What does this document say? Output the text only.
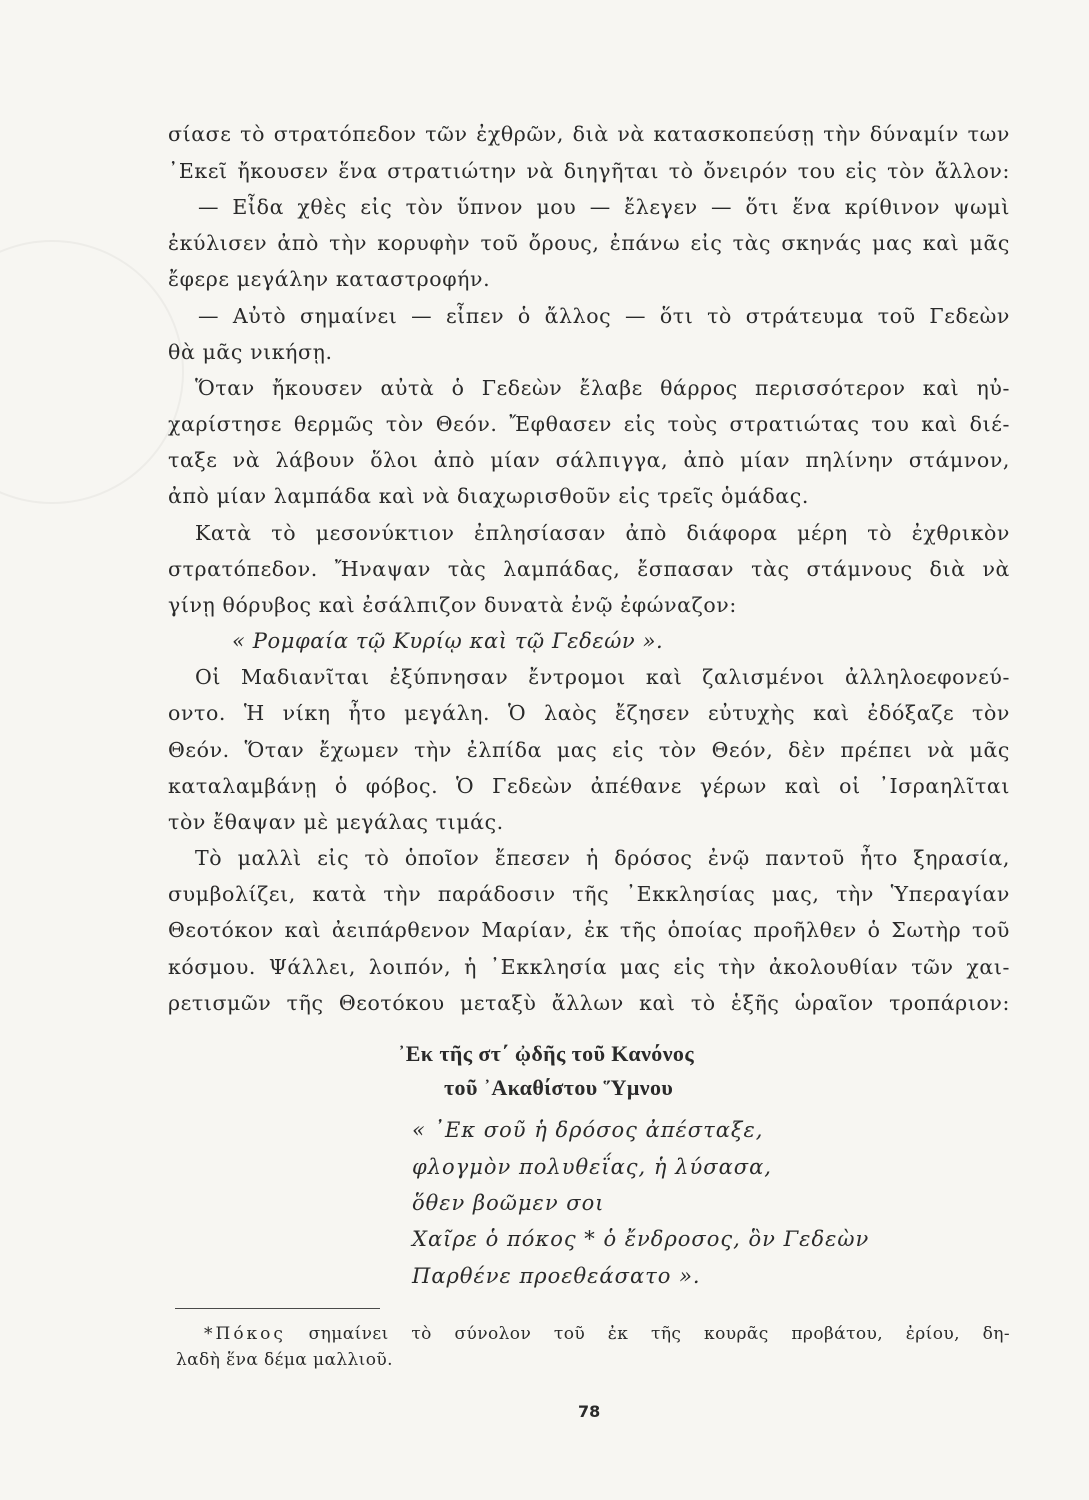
σίασε τὸ στρατόπεδον τῶν ἐχθρῶν, διὰ νὰ κατασκοπεύσῃ τὴν δύναμίν των
᾿Εκεῖ ἤκουσεν ἕνα στρατιώτην νὰ διηγῆται τὸ ὄνειρόν του εἰς τὸν ἄλλον:
— Εἶδα χθὲς εἰς τὸν ὕπνον μου — ἔλεγεν — ὅτι ἕνα κρίθινον ψωμὶ
ἐκύλισεν ἀπὸ τὴν κορυφὴν τοῦ ὄρους, ἐπάνω εἰς τὰς σκηνάς μας καὶ μᾶς
ἔφερε μεγάλην καταστροφήν.
— Αὐτὸ σημαίνει — εἶπεν ὁ ἄλλος — ὅτι τὸ στράτευμα τοῦ Γεδεὼν
θὰ μᾶς νικήσῃ.
Ὅταν ἤκουσεν αὐτὰ ὁ Γεδεὼν ἔλαβε θάρρος περισσότερον καὶ ηὐ-
χαρίστησε θερμῶς τὸν Θεόν. Ἔφθασεν εἰς τοὺς στρατιώτας του καὶ διέ-
ταξε νὰ λάβουν ὅλοι ἀπὸ μίαν σάλπιγγα, ἀπὸ μίαν πηλίνην στάμνον,
ἀπὸ μίαν λαμπάδα καὶ νὰ διαχωρισθοῦν εἰς τρεῖς ὁμάδας.
Κατὰ τὸ μεσονύκτιον ἐπλησίασαν ἀπὸ διάφορα μέρη τὸ ἐχθρικὸν
στρατόπεδον. Ἤναψαν τὰς λαμπάδας, ἔσπασαν τὰς στάμνους διὰ νὰ
γίνῃ θόρυβος καὶ ἐσάλπιζον δυνατὰ ἐνῷ ἐφώναζον:
« Ρομφαία τῷ Κυρίῳ καὶ τῷ Γεδεών ».
Οἱ Μαδιανῖται ἐξύπνησαν ἔντρομοι καὶ ζαλισμένοι ἀλληλοεφονεύ-
οντο. Ἡ νίκη ἦτο μεγάλη. Ὁ λαὸς ἔζησεν εὐτυχὴς καὶ ἐδόξαζε τὸν
Θεόν. Ὅταν ἔχωμεν τὴν ἐλπίδα μας εἰς τὸν Θεόν, δὲν πρέπει νὰ μᾶς
καταλαμβάνῃ ὁ φόβος. Ὁ Γεδεὼν ἀπέθανε γέρων καὶ οἱ ᾿Ισραηλῖται
τὸν ἔθαψαν μὲ μεγάλας τιμάς.
Τὸ μαλλὶ εἰς τὸ ὁποῖον ἔπεσεν ἡ δρόσος ἐνῷ παντοῦ ἦτο ξηρασία,
συμβολίζει, κατὰ τὴν παράδοσιν τῆς ᾿Εκκλησίας μας, τὴν Ὑπεραγίαν
Θεοτόκον καὶ ἀειπάρθενον Μαρίαν, ἐκ τῆς ὁποίας προῆλθεν ὁ Σωτὴρ τοῦ
κόσμου. Ψάλλει, λοιπόν, ἡ ᾿Εκκλησία μας εἰς τὴν ἀκολουθίαν τῶν χαι-
ρετισμῶν τῆς Θεοτόκου μεταξὺ ἄλλων καὶ τὸ ἑξῆς ὡραῖον τροπάριον:
᾿Εκ τῆς στ΄ ᾠδῆς τοῦ Κανόνος
τοῦ ᾿Ακαθίστου Ὕμνου
« ᾿Εκ σοῦ ἡ δρόσος ἀπέσταξε,
φλογμὸν πολυθεΐας, ἡ λύσασα,
ὅθεν βοῶμεν σοι
Χαῖρε ὁ πόκος * ὁ ἔνδροσος, ὃν Γεδεὼν
Παρθένε προεθεάσατο ».
*Πόκος σημαίνει τὸ σύνολον τοῦ ἐκ τῆς κουρᾶς προβάτου, ἐρίου, δη-
λαδὴ ἕνα δέμα μαλλιοῦ.
78
